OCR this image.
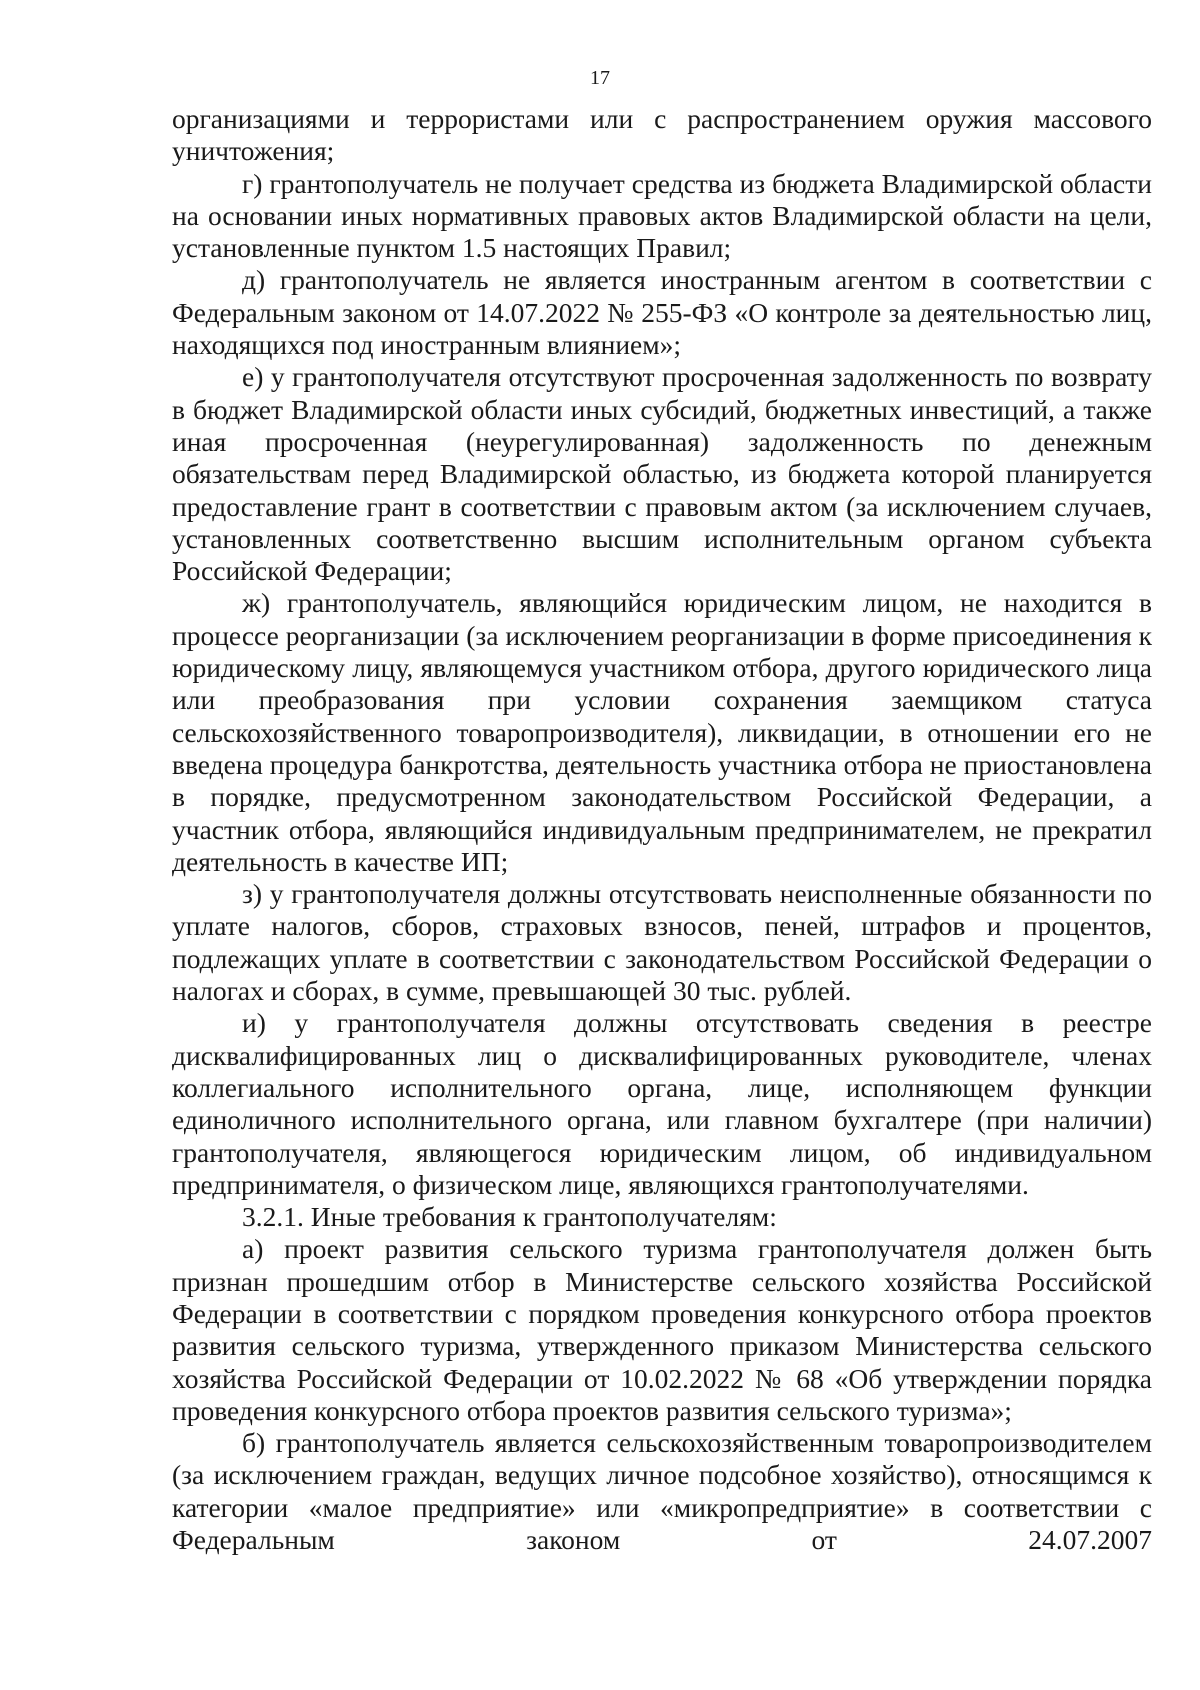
17

организациями и террористами или с распространением оружия массового уничтожения;

г) грантополучатель не получает средства из бюджета Владимирской области на основании иных нормативных правовых актов Владимирской области на цели, установленные пунктом 1.5 настоящих Правил;

д) грантополучатель не является иностранным агентом в соответствии с Федеральным законом от 14.07.2022 № 255-ФЗ «О контроле за деятельностью лиц, находящихся под иностранным влиянием»;

е) у грантополучателя отсутствуют просроченная задолженность по возврату в бюджет Владимирской области иных субсидий, бюджетных инвестиций, а также иная просроченная (неурегулированная) задолженность по денежным обязательствам перед Владимирской областью, из бюджета которой планируется предоставление грант в соответствии с правовым актом (за исключением случаев, установленных соответственно высшим исполнительным органом субъекта Российской Федерации;

ж) грантополучатель, являющийся юридическим лицом, не находится в процессе реорганизации (за исключением реорганизации в форме присоединения к юридическому лицу, являющемуся участником отбора, другого юридического лица или преобразования при условии сохранения заемщиком статуса сельскохозяйственного товаропроизводителя), ликвидации, в отношении его не введена процедура банкротства, деятельность участника отбора не приостановлена в порядке, предусмотренном законодательством Российской Федерации, а участник отбора, являющийся индивидуальным предпринимателем, не прекратил деятельность в качестве ИП;

з) у грантополучателя должны отсутствовать неисполненные обязанности по уплате налогов, сборов, страховых взносов, пеней, штрафов и процентов, подлежащих уплате в соответствии с законодательством Российской Федерации о налогах и сборах, в сумме, превышающей 30 тыс. рублей.

и) у грантополучателя должны отсутствовать сведения в реестре дисквалифицированных лиц о дисквалифицированных руководителе, членах коллегиального исполнительного органа, лице, исполняющем функции единоличного исполнительного органа, или главном бухгалтере (при наличии) грантополучателя, являющегося юридическим лицом, об индивидуальном предпринимателя, о физическом лице, являющихся грантополучателями.

3.2.1. Иные требования к грантополучателям:

а) проект развития сельского туризма грантополучателя должен быть признан прошедшим отбор в Министерстве сельского хозяйства Российской Федерации в соответствии с порядком проведения конкурсного отбора проектов развития сельского туризма, утвержденного приказом Министерства сельского хозяйства Российской Федерации от 10.02.2022 № 68 «Об утверждении порядка проведения конкурсного отбора проектов развития сельского туризма»;

б) грантополучатель является сельскохозяйственным товаропроизводителем (за исключением граждан, ведущих личное подсобное хозяйство), относящимся к категории «малое предприятие» или «микропредприятие» в соответствии с Федеральным законом от 24.07.2007
